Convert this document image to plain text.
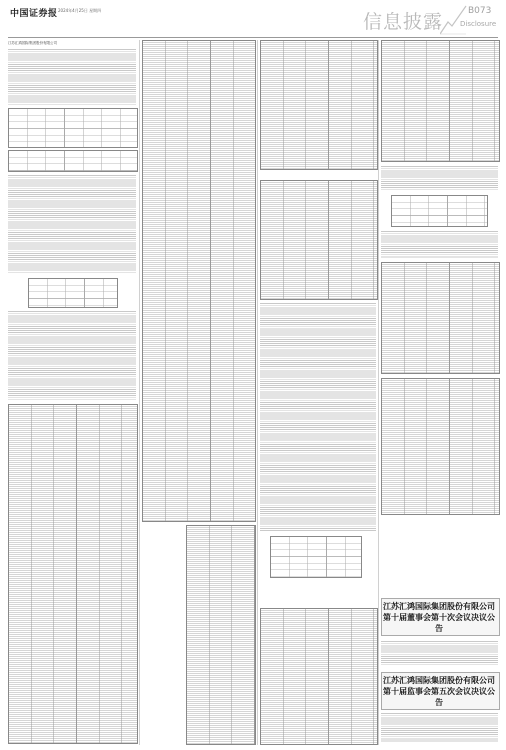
中国证券报 2024年4月25日 星期四
信息披露	B073
Disclosure
江苏汇鸿国际集团股份有限公司
江苏汇鸿国际集团股份有限公司
第十届董事会第十次会议决议公告
江苏汇鸿国际集团股份有限公司
第十届监事会第五次会议决议公告
